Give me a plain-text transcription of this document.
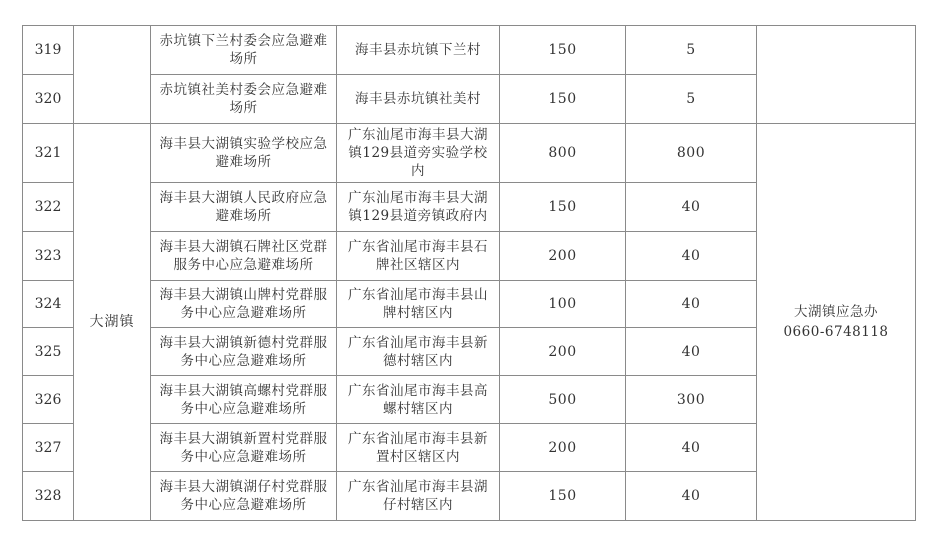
319		赤坑镇下兰村委会应急避难场所	海丰县赤坑镇下兰村	150	5	
320		赤坑镇社美村委会应急避难场所	海丰县赤坑镇社美村	150	5	
321	大湖镇	海丰县大湖镇实验学校应急避难场所	广东汕尾市海丰县大湖镇129县道旁实验学校内	800	800	大湖镇应急办
0660-6748118

322		海丰县大湖镇人民政府应急避难场所	广东汕尾市海丰县大湖镇129县道旁镇政府内	150	40	
323		海丰县大湖镇石牌社区党群服务中心应急避难场所	广东省汕尾市海丰县石牌社区辖区内	200	40	
324		海丰县大湖镇山牌村党群服务中心应急避难场所	广东省汕尾市海丰县山牌村辖区内	100	40	
325		海丰县大湖镇新德村党群服务中心应急避难场所	广东省汕尾市海丰县新德村辖区内	200	40	
326		海丰县大湖镇高螺村党群服务中心应急避难场所	广东省汕尾市海丰县高螺村辖区内	500	300	
327		海丰县大湖镇新置村党群服务中心应急避难场所	广东省汕尾市海丰县新置村区辖区内	200	40	
328		海丰县大湖镇湖仔村党群服务中心应急避难场所	广东省汕尾市海丰县湖仔村辖区内	150	40	
